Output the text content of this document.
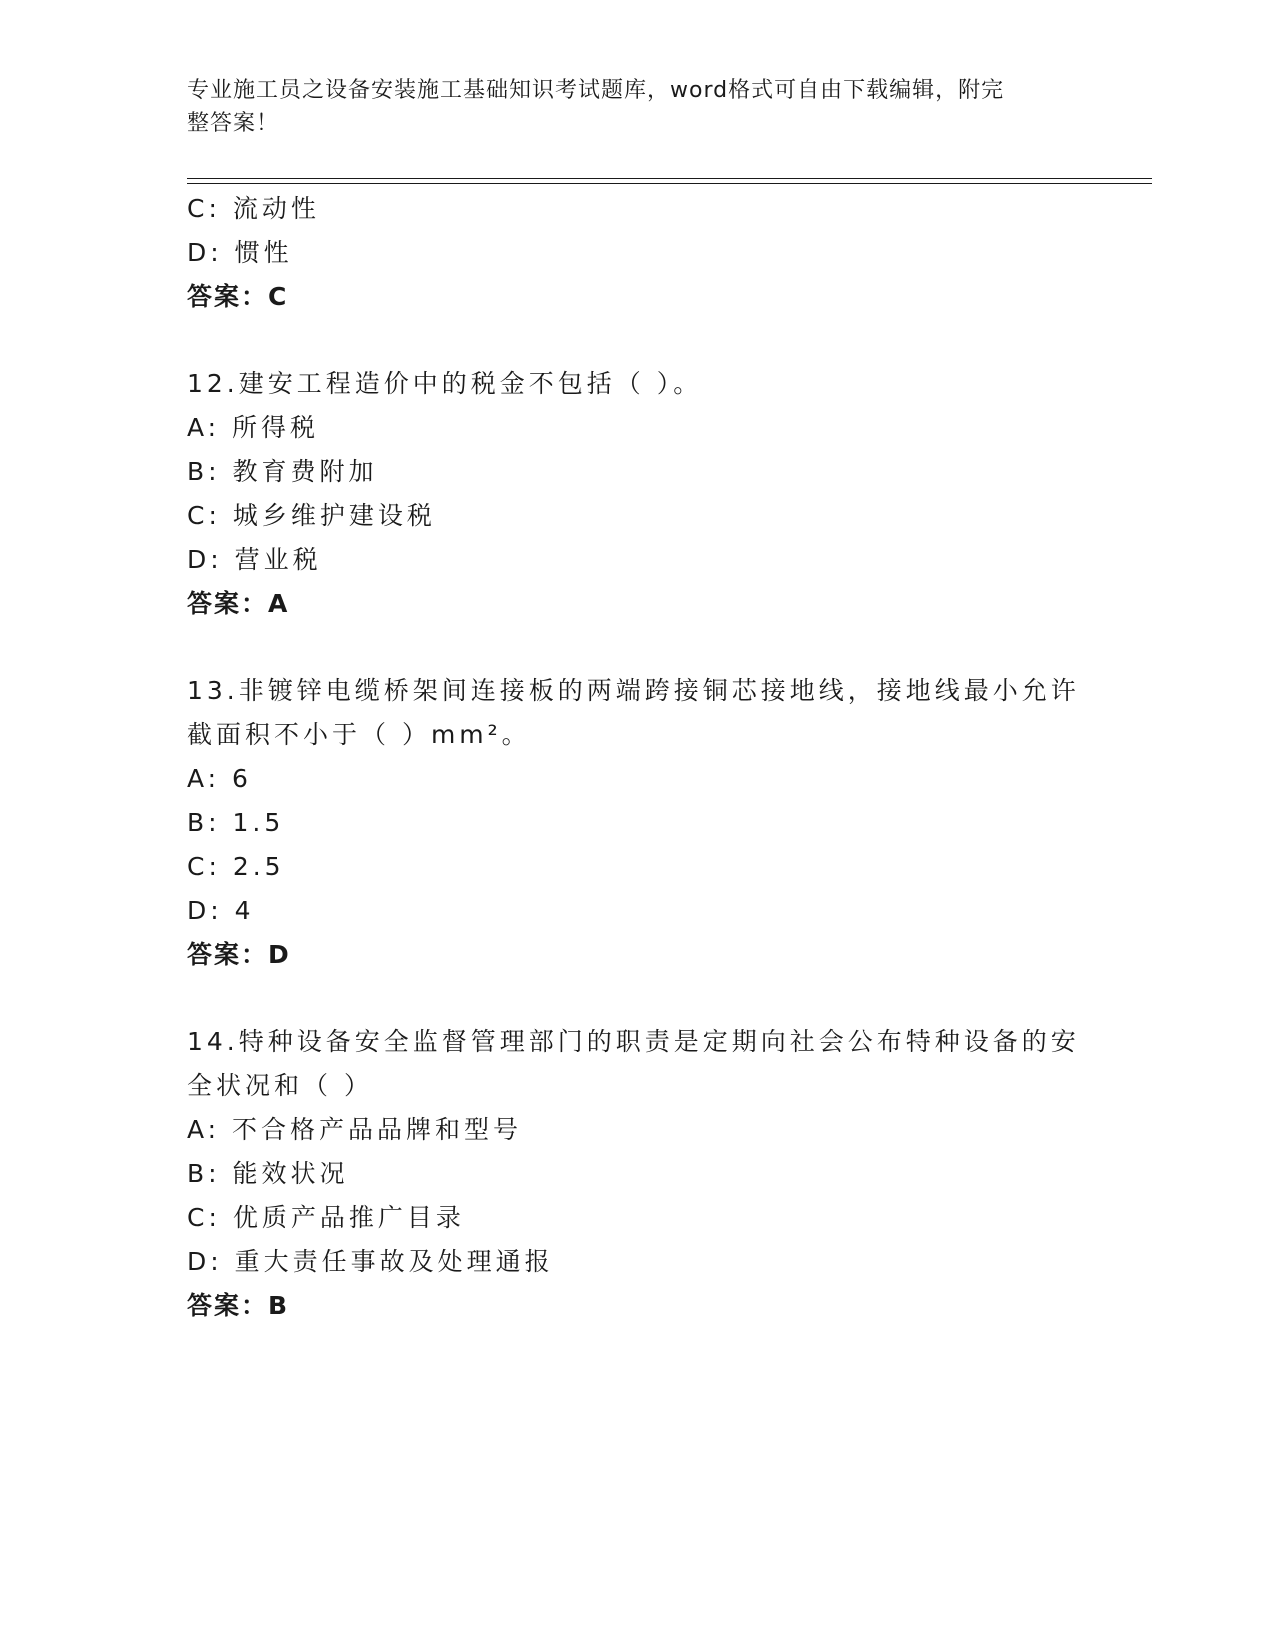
专业施工员之设备安装施工基础知识考试题库，word格式可自由下载编辑，附完
整答案！
C: 流动性
D: 惯性
答案：C
12.建安工程造价中的税金不包括（ ）。
A: 所得税
B: 教育费附加
C: 城乡维护建设税
D: 营业税
答案：A
13.非镀锌电缆桥架间连接板的两端跨接铜芯接地线，接地线最小允许
截面积不小于（ ）mm²。
A: 6
B: 1.5
C: 2.5
D: 4
答案：D
14.特种设备安全监督管理部门的职责是定期向社会公布特种设备的安
全状况和（ ）
A: 不合格产品品牌和型号
B: 能效状况
C: 优质产品推广目录
D: 重大责任事故及处理通报
答案：B
